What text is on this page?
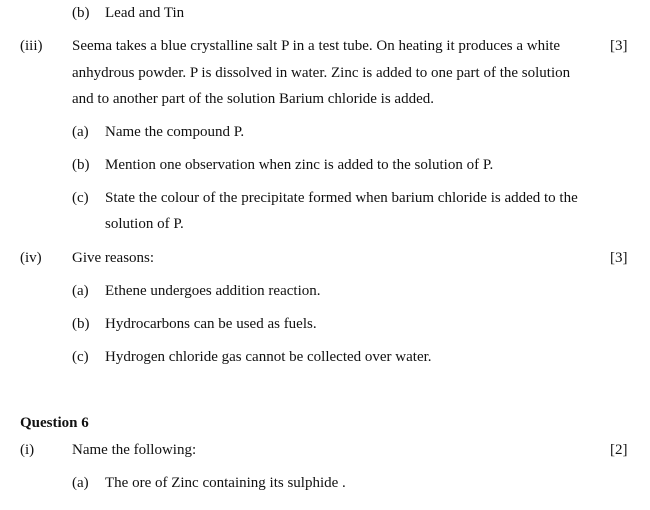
(b) Lead and Tin
(iii) Seema takes a blue crystalline salt P in a test tube. On heating it produces a white	[3]
anhydrous powder. P is dissolved in water. Zinc is added to one part of the solution
and to another part of the solution Barium chloride is added.
(a) Name the compound P.
(b) Mention one observation when zinc is added to the solution of P.
(c) State the colour of the precipitate formed when barium chloride is added to the
solution of P.
(iv) Give reasons:	[3]
(a) Ethene undergoes addition reaction.
(b) Hydrocarbons can be used as fuels.
(c) Hydrogen chloride gas cannot be collected over water.
Question 6
(i)	Name the following:	[2]
(a) The ore of Zinc containing its sulphide .
